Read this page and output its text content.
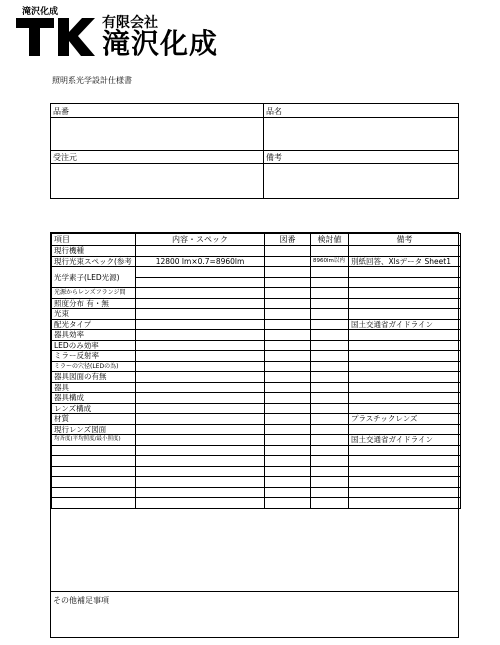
滝沢化成
有限会社
滝沢化成
照明系光学設計仕様書
品番	品名
受注元	備考
項目	内容・スペック	図番	検討値	備考
現行機種				
現行光束スペック(参考	12800 lm×0.7=8960lm		8960lm以内	別紙回答、Xlsデータ Sheet1
光学素子(LED光源)				

光源からレンズフランジ間				
照度分布 有・無				
光束				
配光タイプ				国土交通省ガイドライン
器具効率				
LEDのみ効率				
ミラー反射率				
ミラーの穴径(LEDの為)				
器具図面の有無				
器具				
器具構成				
レンズ構成				
材質				プラスチックレンズ
現行レンズ図面				
均斉度(平均照度/最小照度)				国土交通省ガイドライン

その他補足事項
